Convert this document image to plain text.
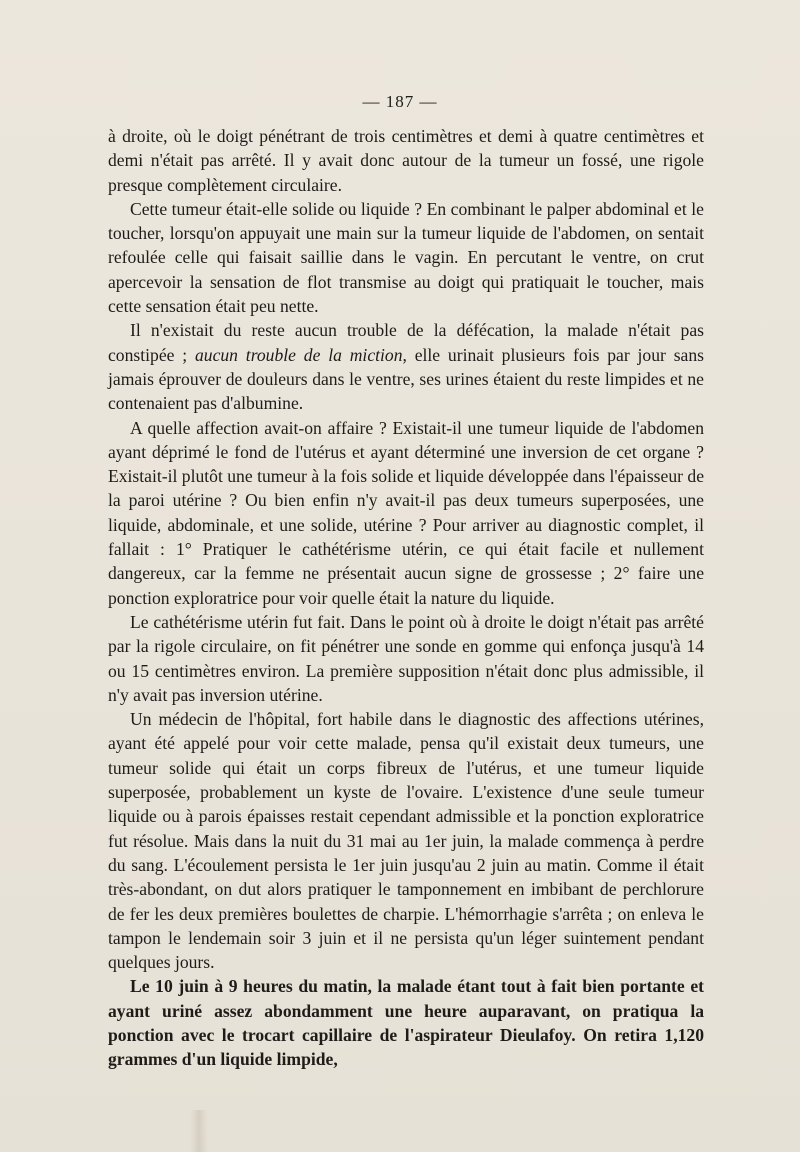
— 187 —

à droite, où le doigt pénétrant de trois centimètres et demi à quatre centimètres et demi n'était pas arrêté. Il y avait donc autour de la tumeur un fossé, une rigole presque complètement circulaire.

Cette tumeur était-elle solide ou liquide ? En combinant le palper abdominal et le toucher, lorsqu'on appuyait une main sur la tumeur liquide de l'abdomen, on sentait refoulée celle qui faisait saillie dans le vagin. En percutant le ventre, on crut apercevoir la sensation de flot transmise au doigt qui pratiquait le toucher, mais cette sensation était peu nette.

Il n'existait du reste aucun trouble de la défécation, la malade n'était pas constipée ; aucun trouble de la miction, elle urinait plusieurs fois par jour sans jamais éprouver de douleurs dans le ventre, ses urines étaient du reste limpides et ne contenaient pas d'albumine.

A quelle affection avait-on affaire ? Existait-il une tumeur liquide de l'abdomen ayant déprimé le fond de l'utérus et ayant déterminé une inversion de cet organe ? Existait-il plutôt une tumeur à la fois solide et liquide développée dans l'épaisseur de la paroi utérine ? Ou bien enfin n'y avait-il pas deux tumeurs superposées, une liquide, abdominale, et une solide, utérine ? Pour arriver au diagnostic complet, il fallait : 1° Pratiquer le cathétérisme utérin, ce qui était facile et nullement dangereux, car la femme ne présentait aucun signe de grossesse ; 2° faire une ponction exploratrice pour voir quelle était la nature du liquide.

Le cathétérisme utérin fut fait. Dans le point où à droite le doigt n'était pas arrêté par la rigole circulaire, on fit pénétrer une sonde en gomme qui enfonça jusqu'à 14 ou 15 centimètres environ. La première supposition n'était donc plus admissible, il n'y avait pas inversion utérine.

Un médecin de l'hôpital, fort habile dans le diagnostic des affections utérines, ayant été appelé pour voir cette malade, pensa qu'il existait deux tumeurs, une tumeur solide qui était un corps fibreux de l'utérus, et une tumeur liquide superposée, probablement un kyste de l'ovaire. L'existence d'une seule tumeur liquide ou à parois épaisses restait cependant admissible et la ponction exploratrice fut résolue. Mais dans la nuit du 31 mai au 1er juin, la malade commença à perdre du sang. L'écoulement persista le 1er juin jusqu'au 2 juin au matin. Comme il était très-abondant, on dut alors pratiquer le tamponnement en imbibant de perchlorure de fer les deux premières boulettes de charpie. L'hémorrhagie s'arrêta ; on enleva le tampon le lendemain soir 3 juin et il ne persista qu'un léger suintement pendant quelques jours.

Le 10 juin à 9 heures du matin, la malade étant tout à fait bien portante et ayant uriné assez abondamment une heure auparavant, on pratiqua la ponction avec le trocart capillaire de l'aspirateur Dieulafoy. On retira 1,120 grammes d'un liquide limpide,
